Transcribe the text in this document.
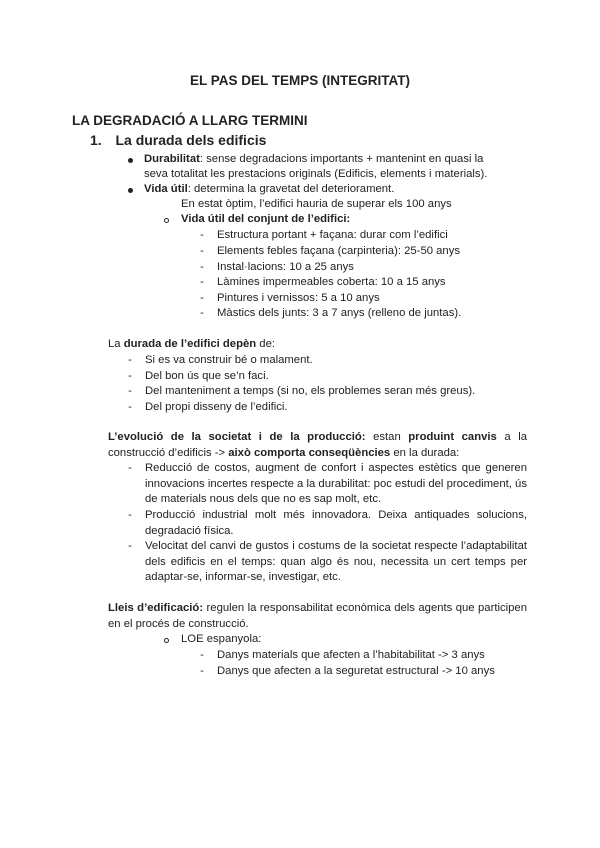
EL PAS DEL TEMPS (INTEGRITAT)
LA DEGRADACIÓ A LLARG TERMINI
1. La durada dels edificis
Durabilitat: sense degradacions importants + mantenint en quasi la
seva totalitat les prestacions originals (Edificis, elements i materials).
Vida útil: determina la gravetat del deteriorament.
En estat òptim, l’edifici hauria de superar els 100 anys
Vida útil del conjunt de l’edifici:
-	Estructura portant + façana: durar com l’edifici
-	Elements febles façana (carpinteria): 25-50 anys
-	Instal·lacions: 10 a 25 anys
-	Làmines impermeables coberta: 10 a 15 anys
-	Pintures i vernissos: 5 a 10 anys
-	Màstics dels junts: 3 a 7 anys (relleno de juntas).
La durada de l’edifici depèn de:
-	Si es va construir bé o malament.
-	Del bon ús que se’n faci.
-	Del manteniment a temps (si no, els problemes seran més greus).
-	Del propi disseny de l’edifici.
L’evolució de la societat i de la producció: estan produint canvis a la
construcció d’edificis -> això comporta conseqüències en la durada:
-	Reducció de costos, augment de confort i aspectes estètics que generen innovacions incertes respecte a la durabilitat: poc estudi del procediment, ús de materials nous dels que no es sap molt, etc.
-	Producció industrial molt més innovadora. Deixa antiquades solucions, degradació física.
-	Velocitat del canvi de gustos i costums de la societat respecte l’adaptabilitat dels edificis en el temps: quan algo és nou, necessita un cert temps per adaptar-se, informar-se, investigar, etc.
Lleis d’edificació: regulen la responsabilitat econòmica dels agents que participen en el procés de construcció.
LOE espanyola:
-	Danys materials que afecten a l’habitabilitat -> 3 anys
-	Danys que afecten a la seguretat estructural -> 10 anys
